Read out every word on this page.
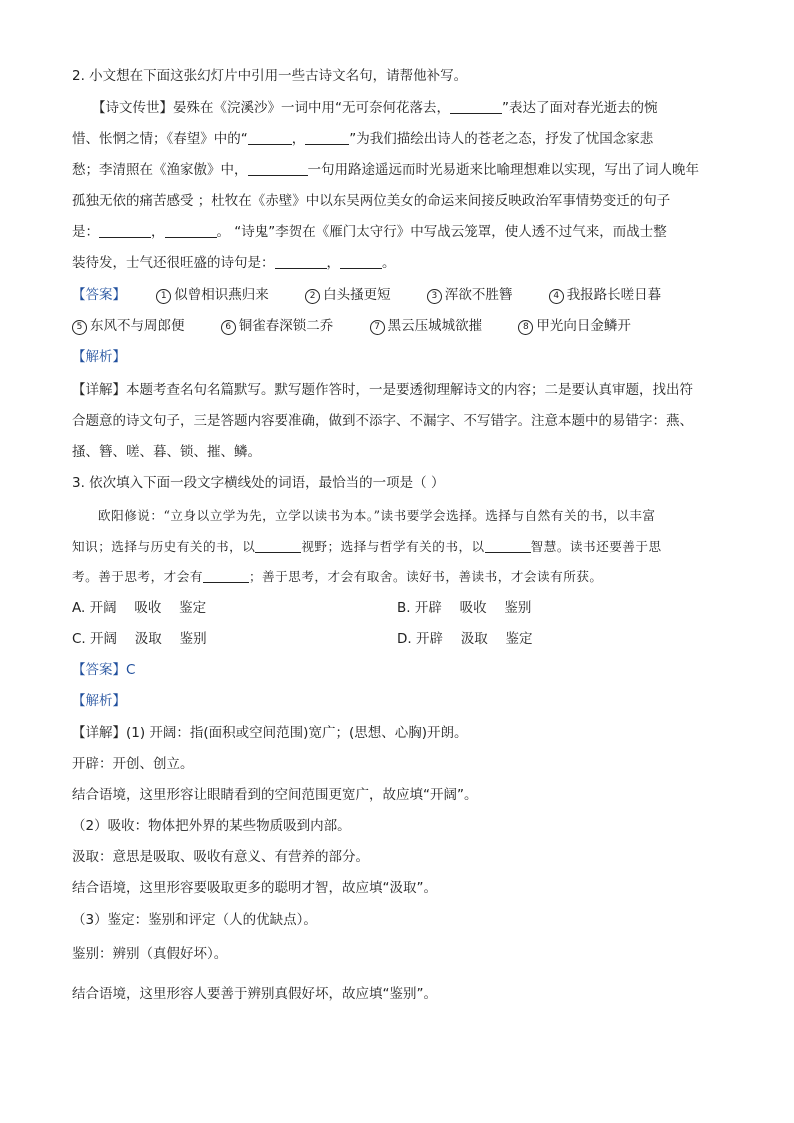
2. 小文想在下面这张幻灯片中引用一些古诗文名句，请帮他补写。
【诗文传世】晏殊在《浣溪沙》一词中用“无可奈何花落去，	”表达了面对春光逝去的惋
惜、怅惘之情；《春望》中的“	，	”为我们描绘出诗人的苍老之态，抒发了忧国念家悲
愁；李清照在《渔家傲》中，	一句用路途遥远而时光易逝来比喻理想难以实现，写出了词人晚年
孤独无依的痛苦感受 ；杜牧在《赤壁》中以东吴两位美女的命运来间接反映政治军事情势变迁的句子
是：	，	。 “诗鬼”李贺在《雁门太守行》中写战云笼罩，使人透不过气来，而战士整
装待发，士气还很旺盛的诗句是：	，	。
【答案】	1 似曾相识燕归来	2 白头搔更短	3 浑欲不胜簪	4 我报路长嗟日暮
5 东风不与周郎便	6 铜雀春深锁二乔	7 黑云压城城欲摧	8 甲光向日金鳞开
【解析】
【详解】本题考查名句名篇默写。默写题作答时，一是要透彻理解诗文的内容；二是要认真审题，找出符
合题意的诗文句子，三是答题内容要准确，做到不添字、不漏字、不写错字。注意本题中的易错字：燕、
搔、簪、嗟、暮、锁、摧、鳞。
3. 依次填入下面一段文字横线处的词语，最恰当的一项是（ ）
欧阳修说：“立身以立学为先，立学以读书为本。”读书要学会选择。选择与自然有关的书，以丰富
知识；选择与历史有关的书，以	视野；选择与哲学有关的书，以	智慧。读书还要善于思
考。善于思考，才会有	；善于思考，才会有取舍。读好书，善读书，才会读有所获。
A. 开阔　 吸收　 鉴定	B. 开辟　 吸收　 鉴别
C. 开阔　 汲取　 鉴别	D. 开辟　 汲取　 鉴定
【答案】C
【解析】
【详解】(1) 开阔：指(面积或空间范围)宽广；(思想、心胸)开朗。
开辟：开创、创立。
结合语境，这里形容让眼睛看到的空间范围更宽广，故应填“开阔”。
（2）吸收：物体把外界的某些物质吸到内部。
汲取：意思是吸取、吸收有意义、有营养的部分。
结合语境，这里形容要吸取更多的聪明才智，故应填“汲取”。
（3）鉴定：鉴别和评定（人的优缺点）。
鉴别：辨别（真假好坏）。
结合语境，这里形容人要善于辨别真假好坏，故应填“鉴别”。
